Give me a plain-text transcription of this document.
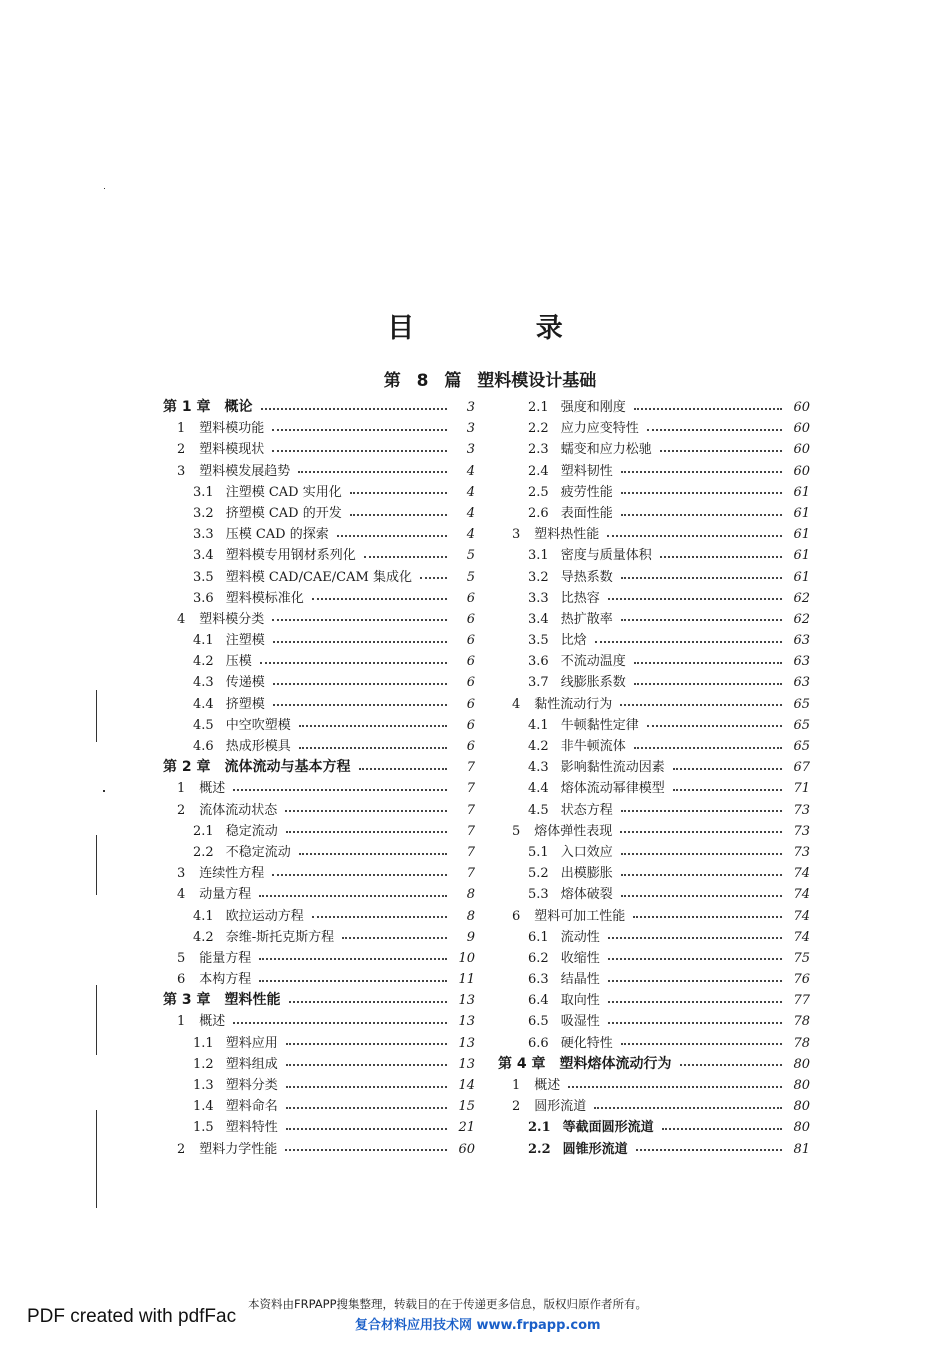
目 录
第 8 篇 塑料模设计基础
第 1 章 概论	3
1 塑料模功能	3
2 塑料模现状	3
3 塑料模发展趋势	4
3.1 注塑模 CAD 实用化	4
3.2 挤塑模 CAD 的开发	4
3.3 压模 CAD 的探索	4
3.4 塑料模专用钢材系列化	5
3.5 塑料模 CAD/CAE/CAM 集成化	5
3.6 塑料模标准化	6
4 塑料模分类	6
4.1 注塑模	6
4.2 压模	6
4.3 传递模	6
4.4 挤塑模	6
4.5 中空吹塑模	6
4.6 热成形模具	6
第 2 章 流体流动与基本方程	7
1 概述	7
2 流体流动状态	7
2.1 稳定流动	7
2.2 不稳定流动	7
3 连续性方程	7
4 动量方程	8
4.1 欧拉运动方程	8
4.2 奈维-斯托克斯方程	9
5 能量方程	10
6 本构方程	11
第 3 章 塑料性能	13
1 概述	13
1.1 塑料应用	13
1.2 塑料组成	13
1.3 塑料分类	14
1.4 塑料命名	15
1.5 塑料特性	21
2 塑料力学性能	60
2.1 强度和刚度	60
2.2 应力应变特性	60
2.3 蠕变和应力松驰	60
2.4 塑料韧性	60
2.5 疲劳性能	61
2.6 表面性能	61
3 塑料热性能	61
3.1 密度与质量体积	61
3.2 导热系数	61
3.3 比热容	62
3.4 热扩散率	62
3.5 比焓	63
3.6 不流动温度	63
3.7 线膨胀系数	63
4 黏性流动行为	65
4.1 牛顿黏性定律	65
4.2 非牛顿流体	65
4.3 影响黏性流动因素	67
4.4 熔体流动幂律模型	71
4.5 状态方程	73
5 熔体弹性表现	73
5.1 入口效应	73
5.2 出模膨胀	74
5.3 熔体破裂	74
6 塑料可加工性能	74
6.1 流动性	74
6.2 收缩性	75
6.3 结晶性	76
6.4 取向性	77
6.5 吸湿性	78
6.6 硬化特性	78
第 4 章 塑料熔体流动行为	80
1 概述	80
2 圆形流道	80
2.1 等截面圆形流道	80
2.2 圆锥形流道	81
PDF created with pdfFac
本资料由FRPAPP搜集整理，转载目的在于传递更多信息，版权归原作者所有。
复合材料应用技术网 www.frpapp.com
